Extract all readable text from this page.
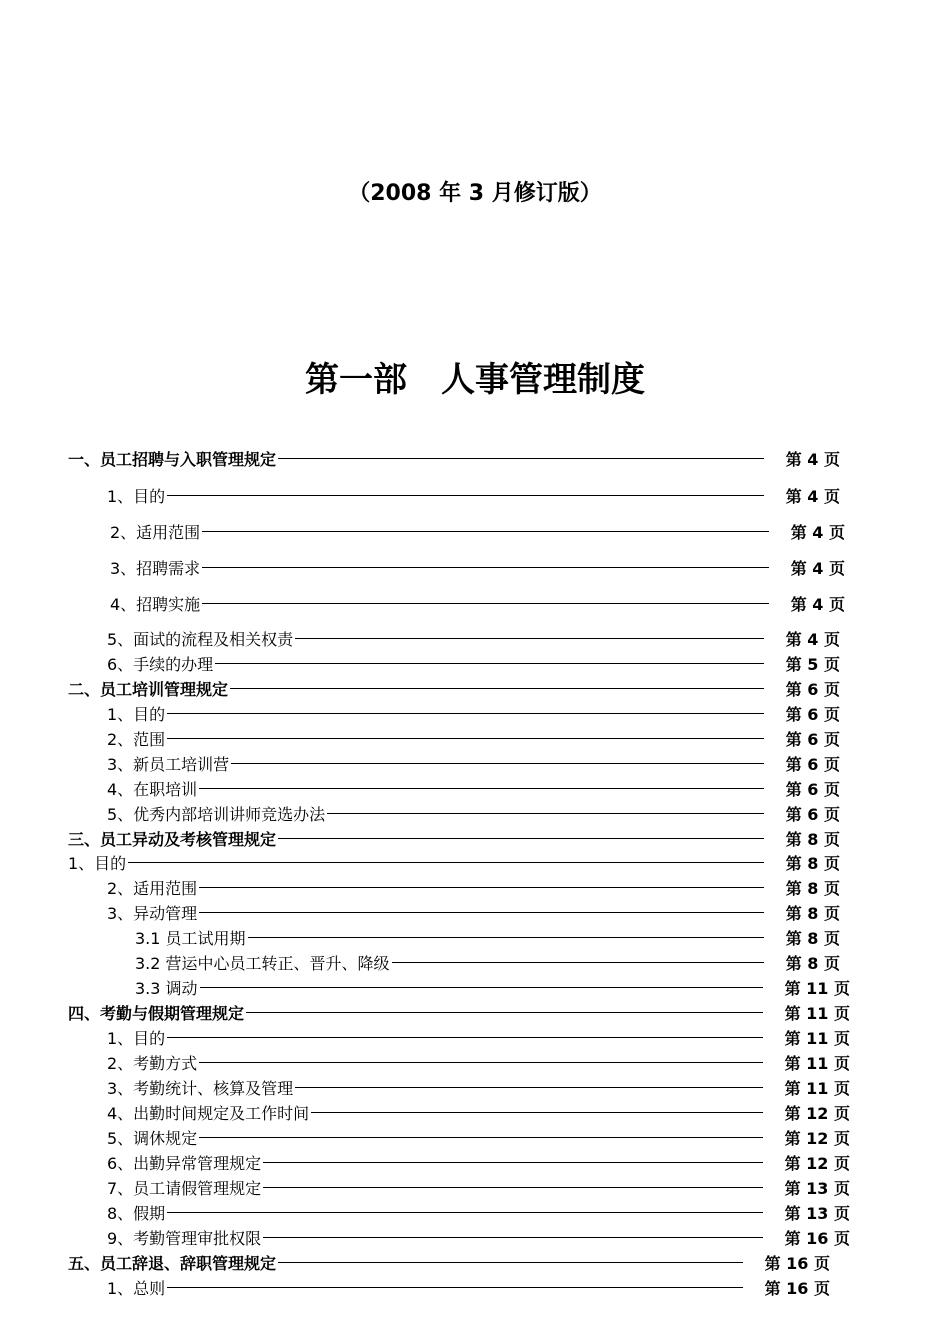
（2008 年 3 月修订版）
第一部　人事管理制度
一、员工招聘与入职管理规定	第 4 页
1、目的	第 4 页
2、适用范围	第 4 页
3、招聘需求	第 4 页
4、招聘实施	第 4 页
5、面试的流程及相关权责	第 4 页
6、手续的办理	第 5 页
二、员工培训管理规定	第 6 页
1、目的	第 6 页
2、范围	第 6 页
3、新员工培训营	第 6 页
4、在职培训	第 6 页
5、优秀内部培训讲师竞选办法	第 6 页
三、员工异动及考核管理规定	第 8 页
1、目的	第 8 页
2、适用范围	第 8 页
3、异动管理	第 8 页
3.1 员工试用期	第 8 页
3.2 营运中心员工转正、晋升、降级	第 8 页
3.3 调动	第 11 页
四、考勤与假期管理规定	第 11 页
1、目的	第 11 页
2、考勤方式	第 11 页
3、考勤统计、核算及管理	第 11 页
4、出勤时间规定及工作时间	第 12 页
5、调休规定	第 12 页
6、出勤异常管理规定	第 12 页
7、员工请假管理规定	第 13 页
8、假期	第 13 页
9、考勤管理审批权限	第 16 页
五、员工辞退、辞职管理规定	第 16 页
1、总则	第 16 页
